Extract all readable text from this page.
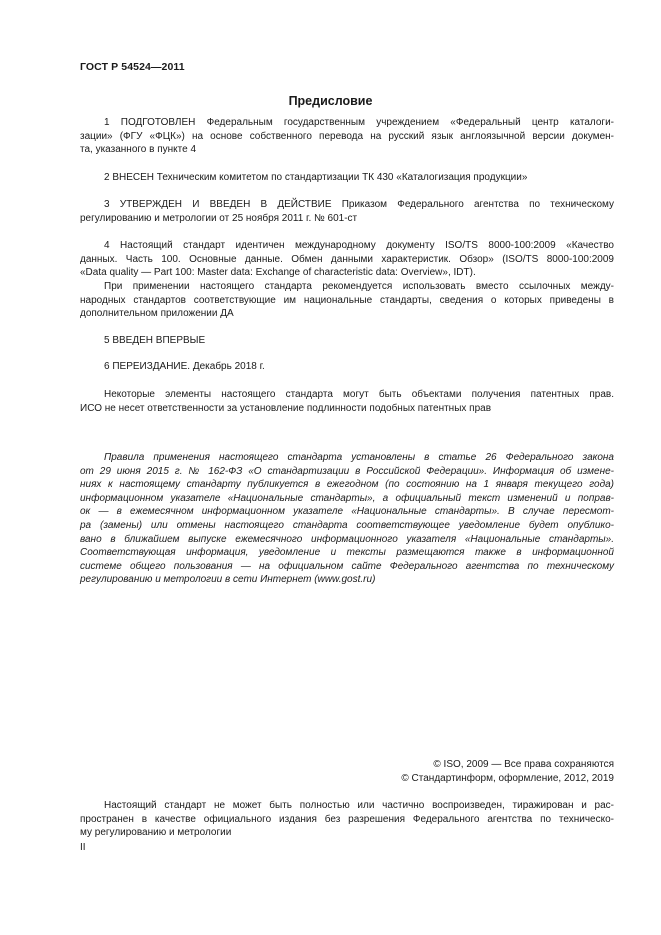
ГОСТ Р 54524—2011
Предисловие
1 ПОДГОТОВЛЕН Федеральным государственным учреждением «Федеральный центр каталоги-
зации» (ФГУ «ФЦК») на основе собственного перевода на русский язык англоязычной версии докумен-
та, указанного в пункте 4
2 ВНЕСЕН Техническим комитетом по стандартизации ТК 430 «Каталогизация продукции»
3 УТВЕРЖДЕН И ВВЕДЕН В ДЕЙСТВИЕ Приказом Федерального агентства по техническому
регулированию и метрологии от 25 ноября 2011 г. № 601-ст
4 Настоящий стандарт идентичен международному документу ISO/TS 8000-100:2009 «Качество
данных. Часть 100. Основные данные. Обмен данными характеристик. Обзор» (ISO/TS 8000-100:2009
«Data quality — Part 100: Master data: Exchange of characteristic data: Overview», IDT).
При применении настоящего стандарта рекомендуется использовать вместо ссылочных между-
народных стандартов соответствующие им национальные стандарты, сведения о которых приведены в
дополнительном приложении ДА
5 ВВЕДЕН ВПЕРВЫЕ
6 ПЕРЕИЗДАНИЕ. Декабрь 2018 г.
Некоторые элементы настоящего стандарта могут быть объектами получения патентных прав.
ИСО не несет ответственности за установление подлинности подобных патентных прав
Правила применения настоящего стандарта установлены в статье 26 Федерального закона
от 29 июня 2015 г. № 162-ФЗ «О стандартизации в Российской Федерации». Информация об измене-
ниях к настоящему стандарту публикуется в ежегодном (по состоянию на 1 января текущего года)
информационном указателе «Национальные стандарты», а официальный текст изменений и поправ-
ок — в ежемесячном информационном указателе «Национальные стандарты». В случае пересмот-
ра (замены) или отмены настоящего стандарта соответствующее уведомление будет опублико-
вано в ближайшем выпуске ежемесячного информационного указателя «Национальные стандарты».
Соответствующая информация, уведомление и тексты размещаются также в информационной
системе общего пользования — на официальном сайте Федерального агентства по техническому
регулированию и метрологии в сети Интернет (www.gost.ru)
© ISO, 2009 — Все права сохраняются
© Стандартинформ, оформление, 2012, 2019
Настоящий стандарт не может быть полностью или частично воспроизведен, тиражирован и рас-
пространен в качестве официального издания без разрешения Федерального агентства по техническо-
му регулированию и метрологии
II
